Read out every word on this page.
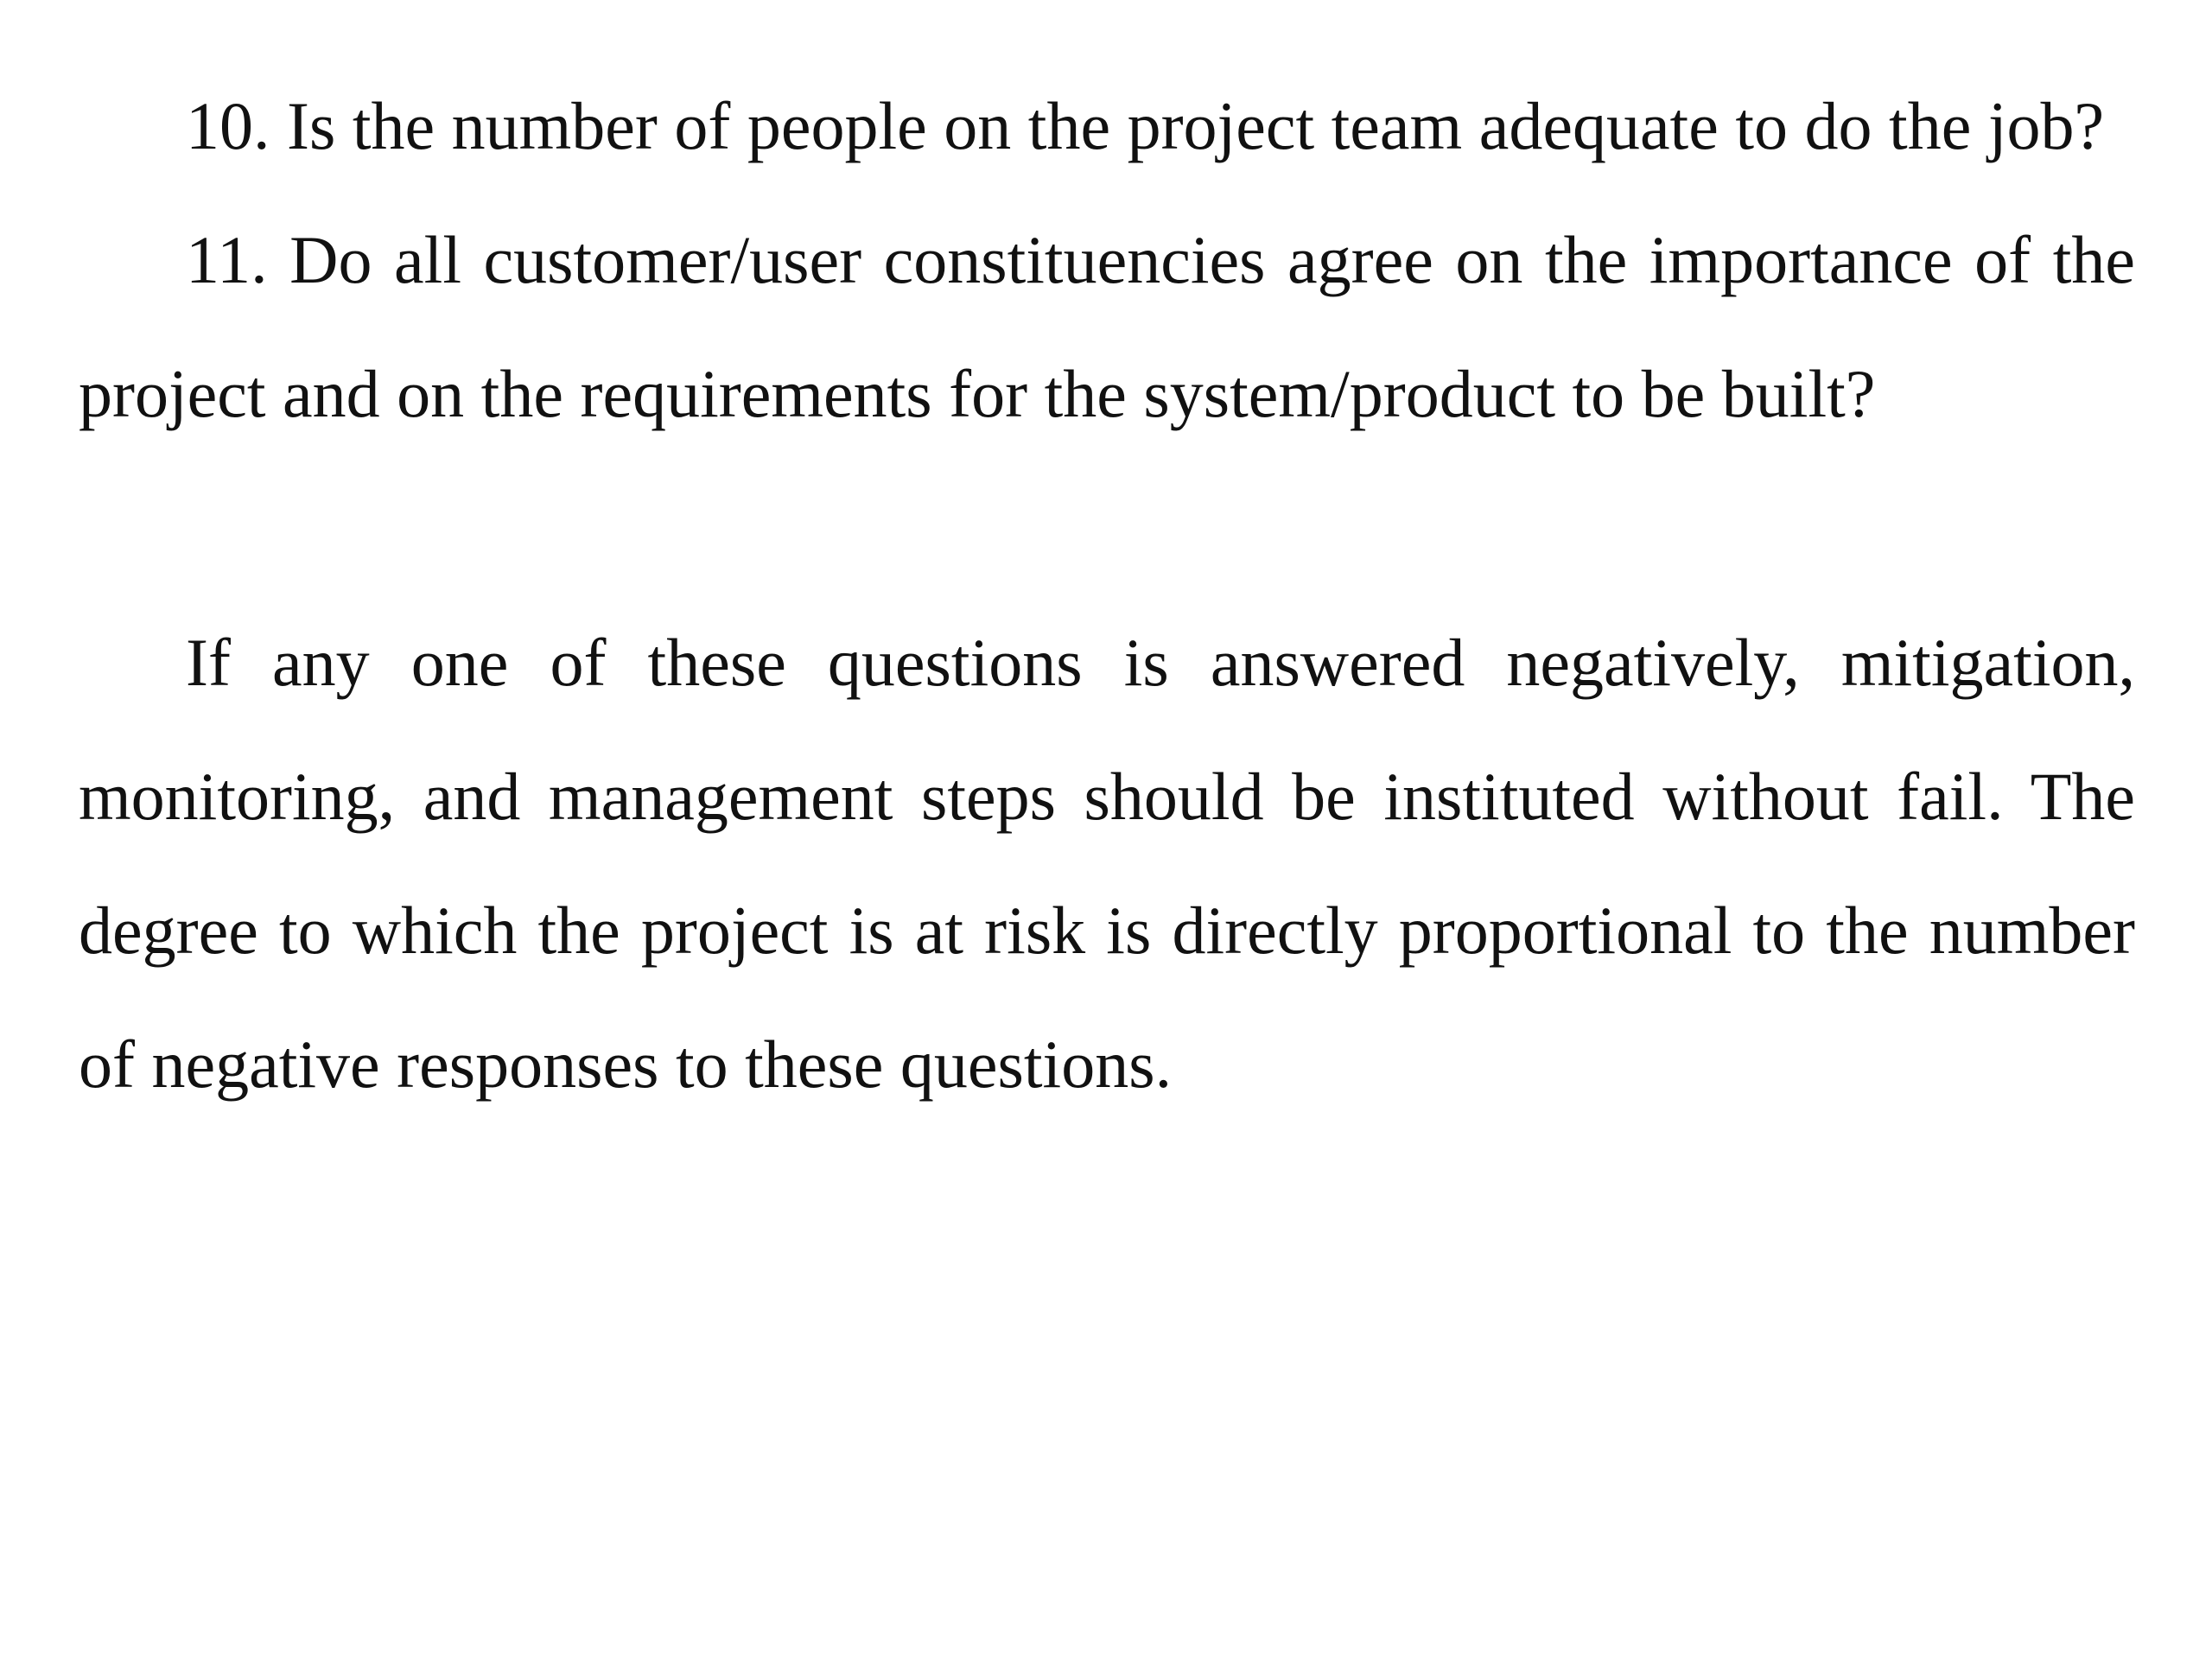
10. Is the number of people on the project team adequate to do the job?

11. Do all customer/user constituencies agree on the importance of the project and on the requirements for the system/product to be built?

If any one of these questions is answered negatively, mitigation, monitoring, and management steps should be instituted without fail. The degree to which the project is at risk is directly proportional to the number of negative responses to these questions.
